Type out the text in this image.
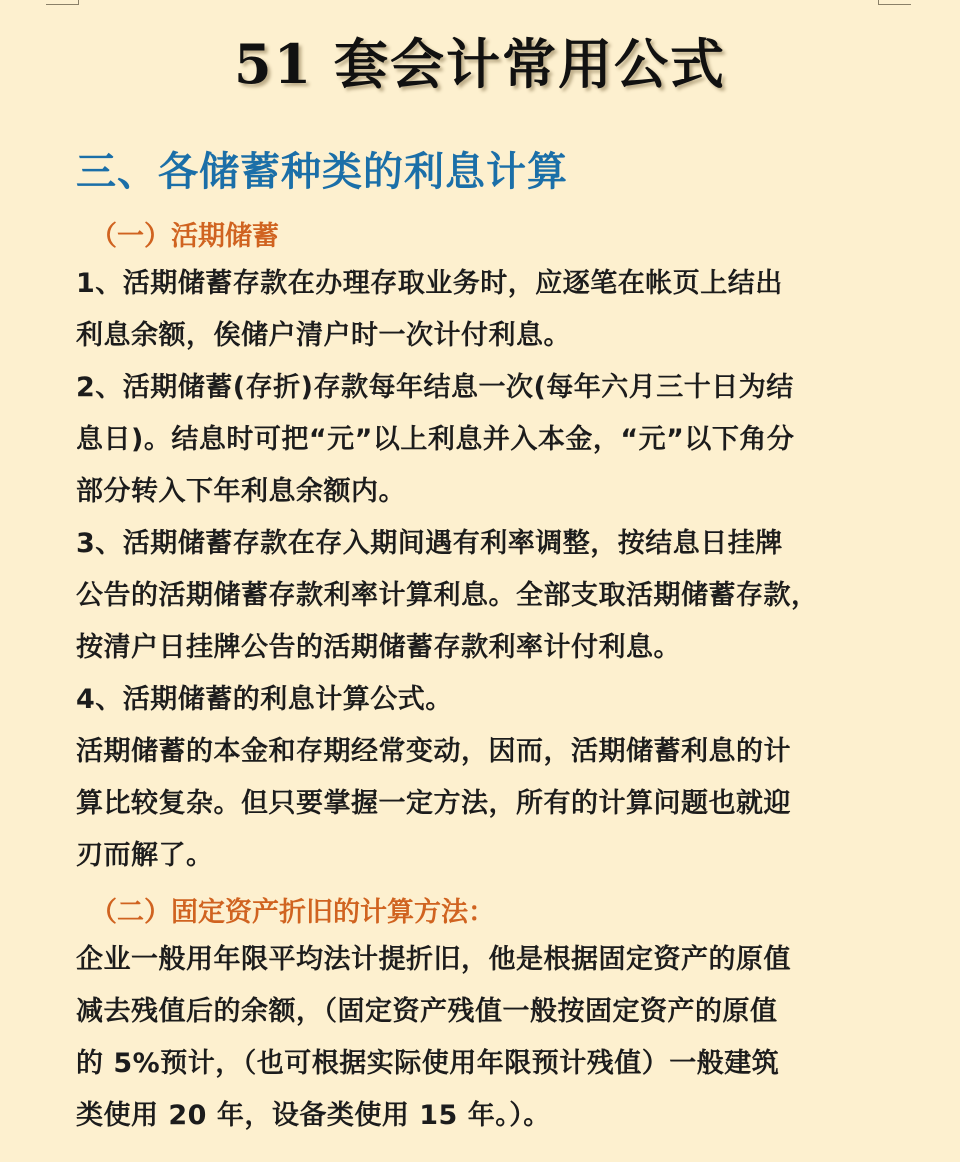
51 套会计常用公式
三、各储蓄种类的利息计算
（一）活期储蓄
1、活期储蓄存款在办理存取业务时，应逐笔在帐页上结出
利息余额，俟储户清户时一次计付利息。
2、活期储蓄(存折)存款每年结息一次(每年六月三十日为结
息日)。结息时可把“元”以上利息并入本金，“元”以下角分
部分转入下年利息余额内。
3、活期储蓄存款在存入期间遇有利率调整，按结息日挂牌
公告的活期储蓄存款利率计算利息。全部支取活期储蓄存款，
按清户日挂牌公告的活期储蓄存款利率计付利息。
4、活期储蓄的利息计算公式。
活期储蓄的本金和存期经常变动，因而，活期储蓄利息的计
算比较复杂。但只要掌握一定方法，所有的计算问题也就迎
刃而解了。
（二）固定资产折旧的计算方法：
企业一般用年限平均法计提折旧，他是根据固定资产的原值
减去残值后的余额，（固定资产残值一般按固定资产的原值
的 5%预计，（也可根据实际使用年限预计残值）一般建筑
类使用 20 年，设备类使用 15 年。）。
